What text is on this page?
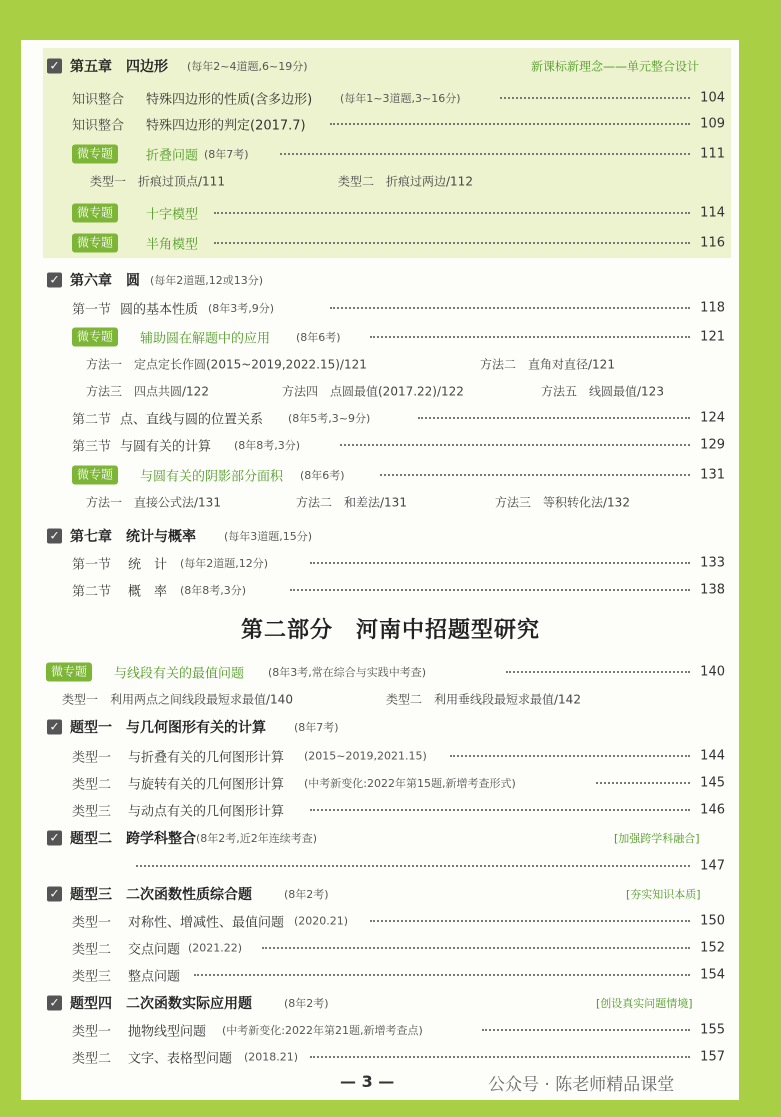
✓ 第五章　四边形 (每年2~4道题,6~19分)	新课标新理念——单元整合设计
知识整合 特殊四边形的性质(含多边形)	(每年1~3道题,3~16分)	104
知识整合 特殊四边形的判定(2017.7)	109
微专题	折叠问题 (8年7考)	111
类型一　折痕过顶点/111	类型二　折痕过两边/112
微专题	十字模型	114
微专题	半角模型	116
✓ 第六章　圆 (每年2道题,12或13分)
第一节 圆的基本性质 (8年3考,9分)	118
微专题	辅助圆在解题中的应用 (8年6考)	121
方法一　定点定长作圆(2015~2019,2022.15)/121	方法二　直角对直径/121
方法三　四点共圆/122	方法四　点圆最值(2017.22)/122	方法五　线圆最值/123
第二节 点、直线与圆的位置关系 (8年5考,3~9分)	124
第三节 与圆有关的计算 (8年8考,3分)	129
微专题	与圆有关的阴影部分面积 (8年6考)	131
方法一　直接公式法/131	方法二　和差法/131	方法三　等积转化法/132
✓ 第七章　统计与概率	(每年3道题,15分)
第一节 统　计 (每年2道题,12分)	133
第二节 概　率 (8年8考,3分)	138
第二部分　河南中招题型研究
微专题	与线段有关的最值问题 (8年3考,常在综合与实践中考查)	140
类型一　利用两点之间线段最短求最值/140	类型二　利用垂线段最短求最值/142
✓ 题型一　与几何图形有关的计算	(8年7考)
类型一 与折叠有关的几何图形计算 (2015~2019,2021.15)	144
类型二 与旋转有关的几何图形计算 (中考新变化:2022年第15题,新增考查形式)	145
类型三 与动点有关的几何图形计算	146
✓ 题型二　跨学科整合 (8年2考,近2年连续考查)	[加强跨学科融合]
147
✓ 题型三　二次函数性质综合题	(8年2考)	[夯实知识本质]
类型一 对称性、增减性、最值问题 (2020.21)	150
类型二 交点问题 (2021.22)	152
类型三 整点问题	154
✓ 题型四　二次函数实际应用题	(8年2考)	[创设真实问题情境]
类型一 抛物线型问题 (中考新变化:2022年第21题,新增考查点)	155
类型二 文字、表格型问题 (2018.21)	157
— 3 —	公众号 · 陈老师精品课堂
